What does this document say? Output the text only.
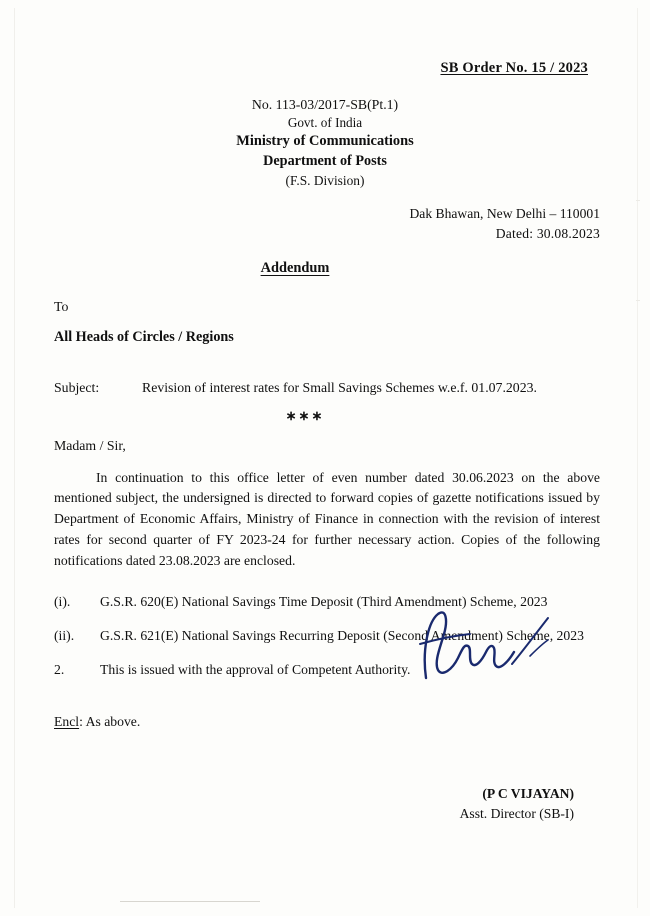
SB Order No. 15 / 2023
No. 113-03/2017-SB(Pt.1)
Govt. of India
Ministry of Communications
Department of Posts
(F.S. Division)
Dak Bhawan, New Delhi – 110001
Dated: 30.08.2023
Addendum
To
All Heads of Circles / Regions
Subject:	Revision of interest rates for Small Savings Schemes w.e.f. 01.07.2023.
∗∗∗
Madam / Sir,
In continuation to this office letter of even number dated 30.06.2023 on the above mentioned subject, the undersigned is directed to forward copies of gazette notifications issued by Department of Economic Affairs, Ministry of Finance in connection with the revision of interest rates for second quarter of FY 2023-24 for further necessary action. Copies of the following notifications dated 23.08.2023 are enclosed.
(i).	G.S.R. 620(E) National Savings Time Deposit (Third Amendment) Scheme, 2023
(ii).	G.S.R. 621(E) National Savings Recurring Deposit (Second Amendment) Scheme, 2023
2.	This is issued with the approval of Competent Authority.
Encl: As above.
(P C VIJAYAN)
Asst. Director (SB-I)
